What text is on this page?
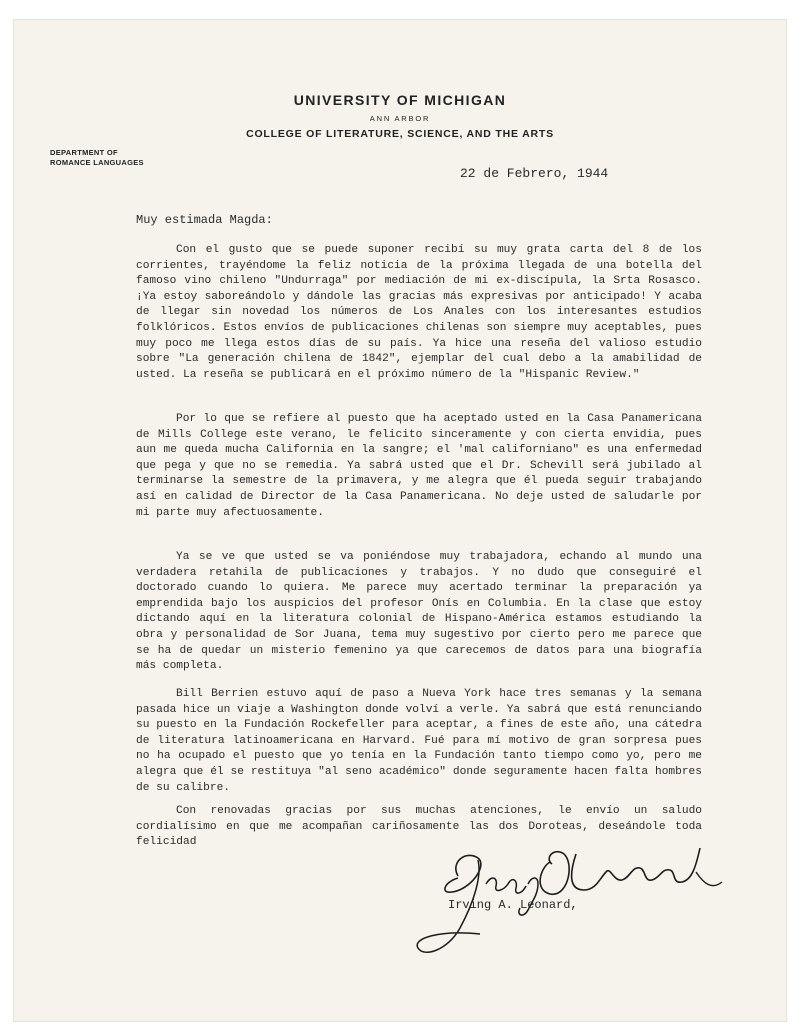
UNIVERSITY OF MICHIGAN
ANN ARBOR
COLLEGE OF LITERATURE, SCIENCE, AND THE ARTS
DEPARTMENT OF
ROMANCE LANGUAGES
22 de Febrero, 1944
Muy estimada Magda:

Con el gusto que se puede suponer recibí su muy grata carta del 8 de los corrientes, trayéndome la feliz noticia de la próxima llegada de una botella del famoso vino chileno "Undurraga" por mediación de mi ex-discípula, la Srta Rosasco. ¡Ya estoy saboreándolo y dándole las gracias más expresivas por anticipado! Y acaba de llegar sin novedad los números de Los Anales con los interesantes estudios folklóricos. Estos envíos de publicaciones chilenas son siempre muy aceptables, pues muy poco me llega estos días de su país. Ya hice una reseña del valioso estudio sobre "La generación chilena de 1842", ejemplar del cual debo a la amabilidad de usted. La reseña se publicará en el próximo número de la "Hispanic Review."

Por lo que se refiere al puesto que ha aceptado usted en la Casa Panamericana de Mills College este verano, le felicito sinceramente y con cierta envidia, pues aun me queda mucha California en la sangre; el 'mal californiano" es una enfermedad que pega y que no se remedia. Ya sabrá usted que el Dr. Schevill será jubilado al terminarse la semestre de la primavera, y me alegra que él pueda seguir trabajando así en calidad de Director de la Casa Panamericana. No deje usted de saludarle por mi parte muy afectuosamente.

Ya se ve que usted se va poniéndose muy trabajadora, echando al mundo una verdadera retahila de publicaciones y trabajos. Y no dudo que conseguiré el doctorado cuando lo quiera. Me parece muy acertado terminar la preparación ya emprendida bajo los auspicios del profesor Onís en Columbia. En la clase que estoy dictando aquí en la literatura colonial de Hispano-América estamos estudiando la obra y personalidad de Sor Juana, tema muy sugestivo por cierto pero me parece que se ha de quedar un misterio femenino ya que carecemos de datos para una biografía más completa.

Bill Berrien estuvo aquí de paso a Nueva York hace tres semanas y la semana pasada hice un viaje a Washington donde volví a verle. Ya sabrá que está renunciando su puesto en la Fundación Rockefeller para aceptar, a fines de este año, una cátedra de literatura latinoamericana en Harvard. Fué para mí motivo de gran sorpresa pues no ha ocupado el puesto que yo tenía en la Fundación tanto tiempo como yo, pero me alegra que él se restituya "al seno académico" donde seguramente hacen falta hombres de su calibre.

Con renovadas gracias por sus muchas atenciones, le envío un saludo cordialísimo en que me acompañan cariñosamente las dos Doroteas, deseándole toda felicidad

Irving A. Leonard,
